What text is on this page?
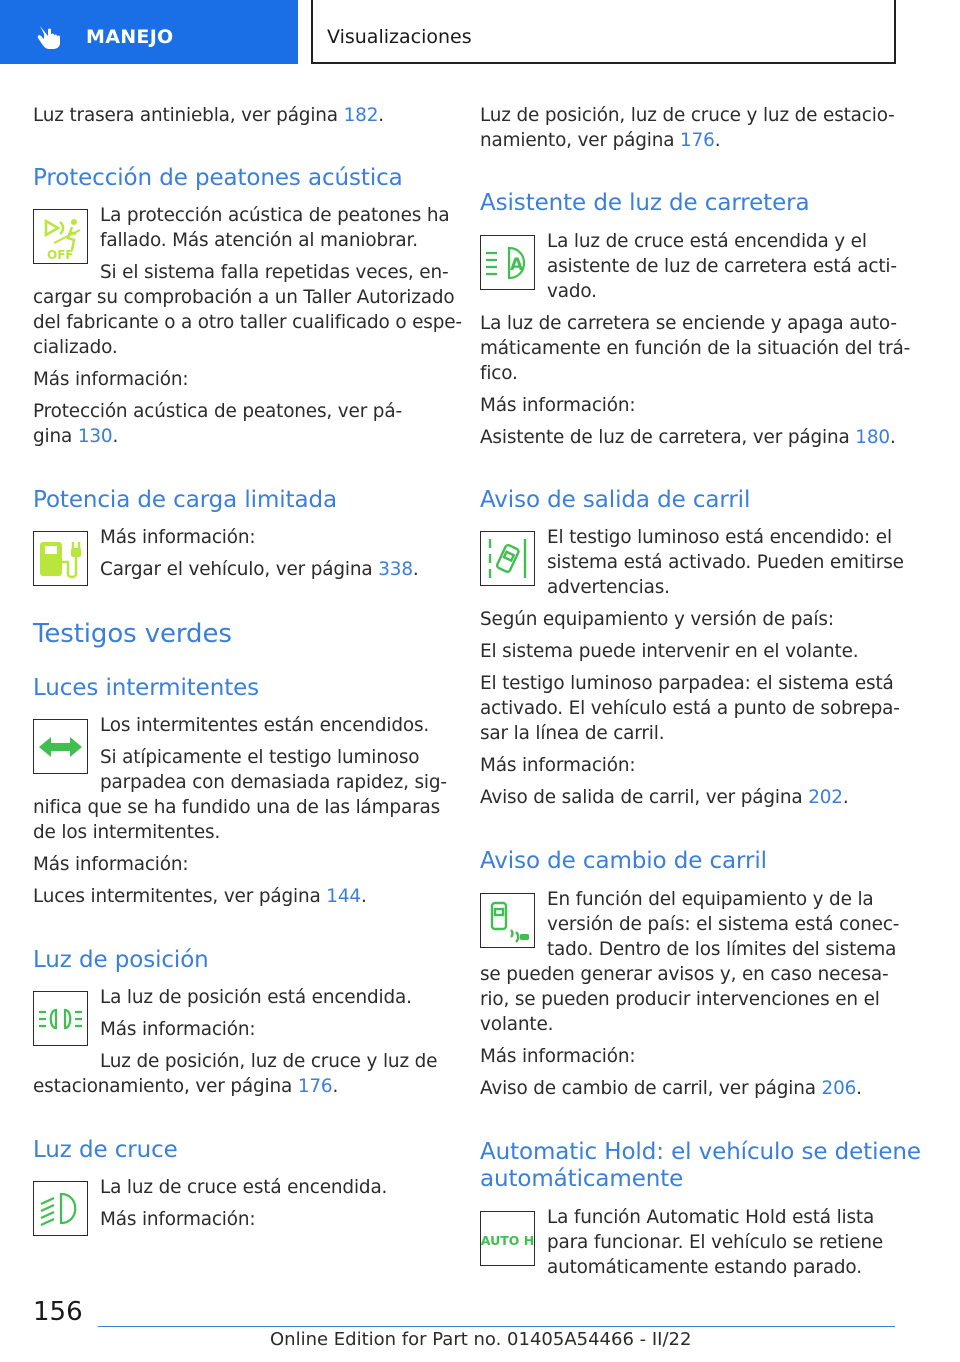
MANEJO	Visualizaciones
Luz trasera antiniebla, ver página 182.
Protección de peatones acústica
OFF
La protección acústica de peatones ha
fallado. Más atención al maniobrar.
Si el sistema falla repetidas veces, en-
cargar su comprobación a un Taller Autorizado
del fabricante o a otro taller cualificado o espe-
cializado.
Más información:
Protección acústica de peatones, ver pá-
gina 130.
Potencia de carga limitada
Más información:
Cargar el vehículo, ver página 338.
Testigos verdes
Luces intermitentes
Los intermitentes están encendidos.
Si atípicamente el testigo luminoso
parpadea con demasiada rapidez, sig-
nifica que se ha fundido una de las lámparas
de los intermitentes.
Más información:
Luces intermitentes, ver página 144.
Luz de posición
La luz de posición está encendida.
Más información:
Luz de posición, luz de cruce y luz de
estacionamiento, ver página 176.
Luz de cruce
La luz de cruce está encendida.
Más información:
Luz de posición, luz de cruce y luz de estacio-
namiento, ver página 176.
Asistente de luz de carretera
A
La luz de cruce está encendida y el
asistente de luz de carretera está acti-
vado.
La luz de carretera se enciende y apaga auto-
máticamente en función de la situación del trá-
fico.
Más información:
Asistente de luz de carretera, ver página 180.
Aviso de salida de carril
El testigo luminoso está encendido: el
sistema está activado. Pueden emitirse
advertencias.
Según equipamiento y versión de país:
El sistema puede intervenir en el volante.
El testigo luminoso parpadea: el sistema está
activado. El vehículo está a punto de sobrepa-
sar la línea de carril.
Más información:
Aviso de salida de carril, ver página 202.
Aviso de cambio de carril
En función del equipamiento y de la
versión de país: el sistema está conec-
tado. Dentro de los límites del sistema
se pueden generar avisos y, en caso necesa-
rio, se pueden producir intervenciones en el
volante.
Más información:
Aviso de cambio de carril, ver página 206.
Automatic Hold: el vehículo se detiene
automáticamente
AUTO H
La función Automatic Hold está lista
para funcionar. El vehículo se retiene
automáticamente estando parado.
156
Online Edition for Part no. 01405A54466 - II/22
